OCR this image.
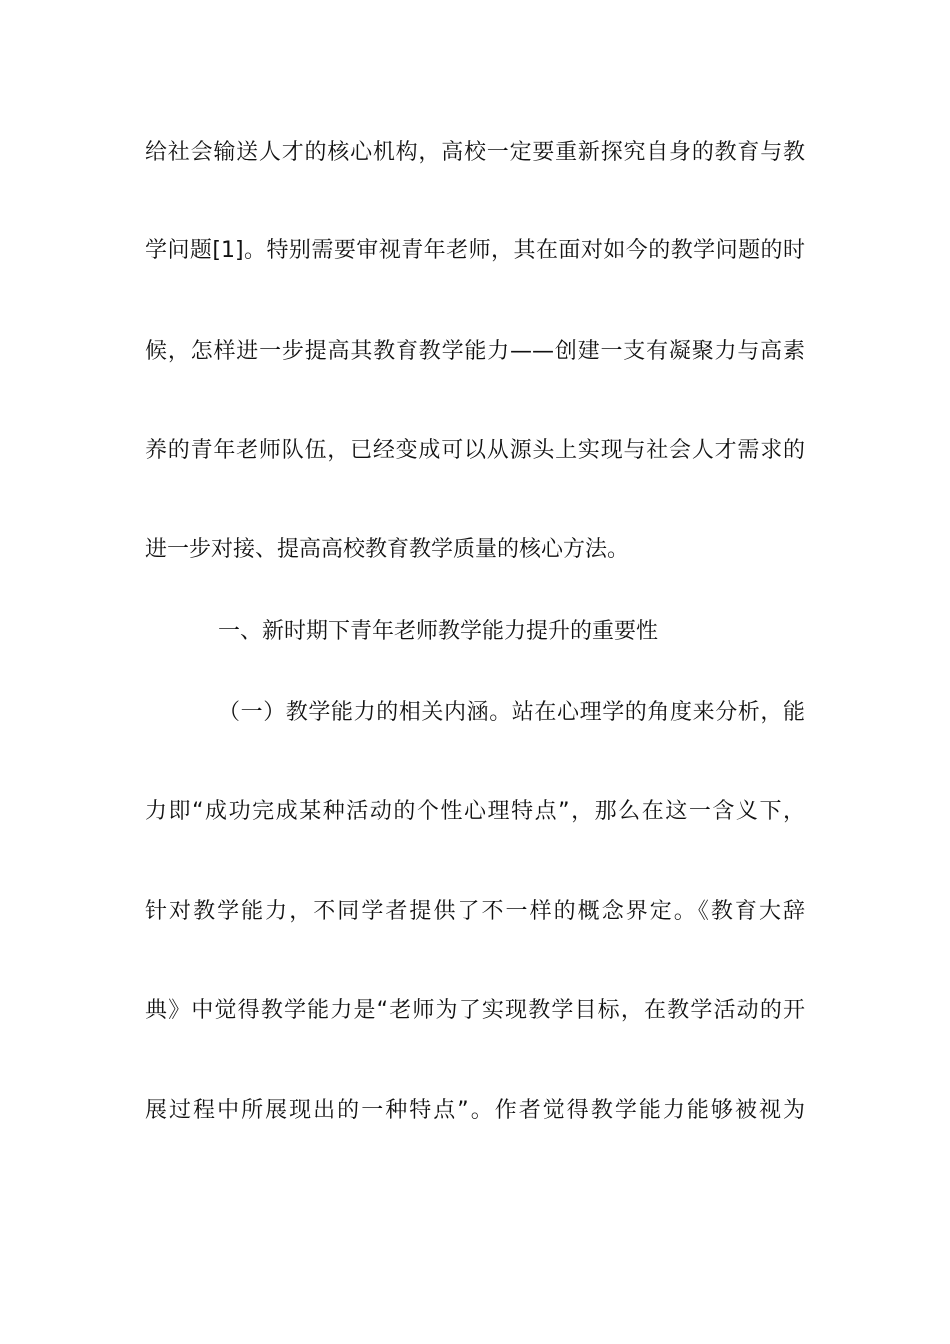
给社会输送人才的核心机构，高校一定要重新探究自身的教育与教
学问题[1]。特别需要审视青年老师，其在面对如今的教学问题的时
候，怎样进一步提高其教育教学能力——创建一支有凝聚力与高素
养的青年老师队伍，已经变成可以从源头上实现与社会人才需求的
进一步对接、提高高校教育教学质量的核心方法。
一、新时期下青年老师教学能力提升的重要性
（一）教学能力的相关内涵。站在心理学的角度来分析，能
力即“成功完成某种活动的个性心理特点”，那么在这一含义下，
针对教学能力，不同学者提供了不一样的概念界定。《教育大辞
典》中觉得教学能力是“老师为了实现教学目标，在教学活动的开
展过程中所展现出的一种特点”。作者觉得教学能力能够被视为
